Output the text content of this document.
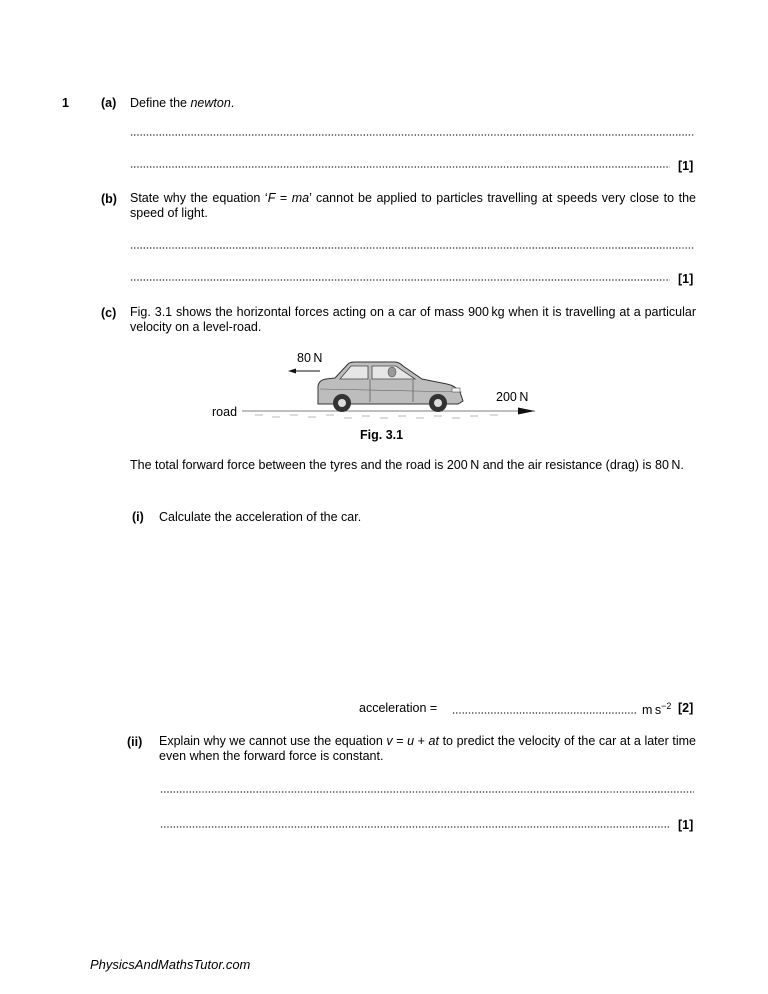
1	(a) Define the newton.
[1]
(b) State why the equation ‘F = ma’ cannot be applied to particles travelling at speeds very close to the speed of light.
[1]
(c) Fig. 3.1 shows the horizontal forces acting on a car of mass 900 kg when it is travelling at a particular velocity on a level-road.
80 N
200 N
road
Fig. 3.1
The total forward force between the tyres and the road is 200 N and the air resistance (drag) is 80 N.
(i) Calculate the acceleration of the car.
acceleration =	m $s^{-2}$ [2]
(ii) Explain why we cannot use the equation v = u + at to predict the velocity of the car at a later time even when the forward force is constant.
[1]
PhysicsAndMathsTutor.com
